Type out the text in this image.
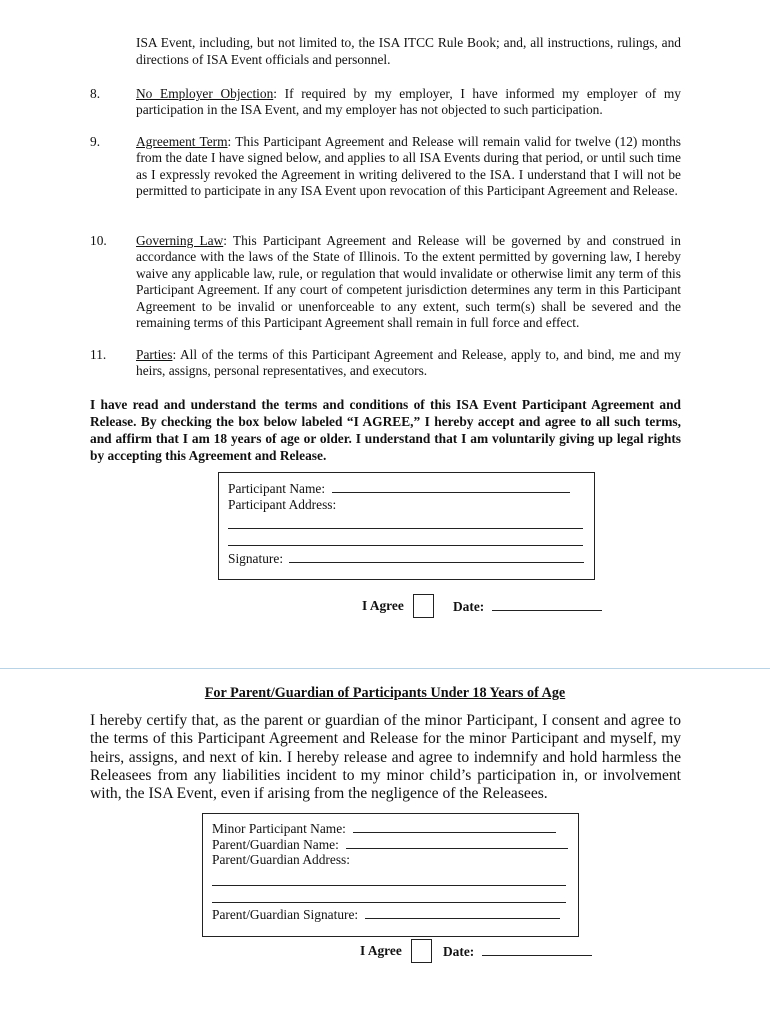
ISA Event, including, but not limited to, the ISA ITCC Rule Book; and, all instructions, rulings, and directions of ISA Event officials and personnel.
8.	No Employer Objection: If required by my employer, I have informed my employer of my participation in the ISA Event, and my employer has not objected to such participation.
9.	Agreement Term: This Participant Agreement and Release will remain valid for twelve (12) months from the date I have signed below, and applies to all ISA Events during that period, or until such time as I expressly revoked the Agreement in writing delivered to the ISA. I understand that I will not be permitted to participate in any ISA Event upon revocation of this Participant Agreement and Release.
10. Governing Law: This Participant Agreement and Release will be governed by and construed in accordance with the laws of the State of Illinois. To the extent permitted by governing law, I hereby waive any applicable law, rule, or regulation that would invalidate or otherwise limit any term of this Participant Agreement. If any court of competent jurisdiction determines any term in this Participant Agreement to be invalid or unenforceable to any extent, such term(s) shall be severed and the remaining terms of this Participant Agreement shall remain in full force and effect.
11. Parties: All of the terms of this Participant Agreement and Release, apply to, and bind, me and my heirs, assigns, personal representatives, and executors.
I have read and understand the terms and conditions of this ISA Event Participant Agreement and Release. By checking the box below labeled “I AGREE,” I hereby accept and agree to all such terms, and affirm that I am 18 years of age or older. I understand that I am voluntarily giving up legal rights by accepting this Agreement and Release.
Participant Name:
Participant Address:
Signature:
I Agree	Date:
For Parent/Guardian of Participants Under 18 Years of Age
I hereby certify that, as the parent or guardian of the minor Participant, I consent and agree to the terms of this Participant Agreement and Release for the minor Participant and myself, my heirs, assigns, and next of kin. I hereby release and agree to indemnify and hold harmless the Releasees from any liabilities incident to my minor child’s participation in, or involvement with, the ISA Event, even if arising from the negligence of the Releasees.
Minor Participant Name:
Parent/Guardian Name:
Parent/Guardian Address:
Parent/Guardian Signature:
I Agree	Date:
